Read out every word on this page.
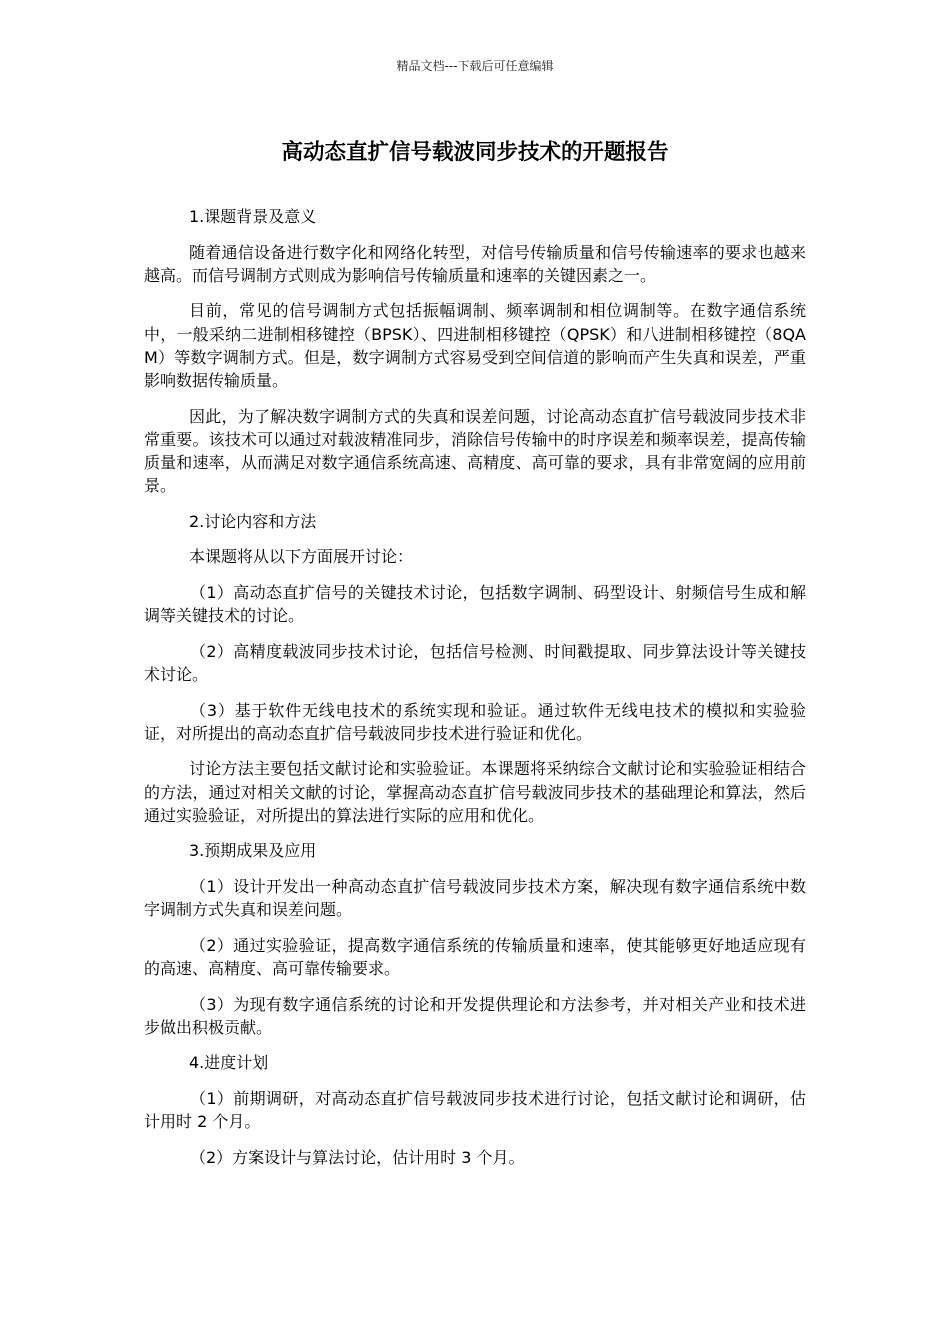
精品文档---下载后可任意编辑
高动态直扩信号载波同步技术的开题报告

1.课题背景及意义

随着通信设备进行数字化和网络化转型，对信号传输质量和信号传输速率的要求也越来越高。而信号调制方式则成为影响信号传输质量和速率的关键因素之一。

目前，常见的信号调制方式包括振幅调制、频率调制和相位调制等。在数字通信系统中，一般采纳二进制相移键控（BPSK）、四进制相移键控（QPSK）和八进制相移键控（8QAM）等数字调制方式。但是，数字调制方式容易受到空间信道的影响而产生失真和误差，严重影响数据传输质量。

因此，为了解决数字调制方式的失真和误差问题，讨论高动态直扩信号载波同步技术非常重要。该技术可以通过对载波精准同步，消除信号传输中的时序误差和频率误差，提高传输质量和速率，从而满足对数字通信系统高速、高精度、高可靠的要求，具有非常宽阔的应用前景。

2.讨论内容和方法

本课题将从以下方面展开讨论：

（1）高动态直扩信号的关键技术讨论，包括数字调制、码型设计、射频信号生成和解调等关键技术的讨论。

（2）高精度载波同步技术讨论，包括信号检测、时间戳提取、同步算法设计等关键技术讨论。

（3）基于软件无线电技术的系统实现和验证。通过软件无线电技术的模拟和实验验证，对所提出的高动态直扩信号载波同步技术进行验证和优化。

讨论方法主要包括文献讨论和实验验证。本课题将采纳综合文献讨论和实验验证相结合的方法，通过对相关文献的讨论，掌握高动态直扩信号载波同步技术的基础理论和算法，然后通过实验验证，对所提出的算法进行实际的应用和优化。

3.预期成果及应用

（1）设计开发出一种高动态直扩信号载波同步技术方案，解决现有数字通信系统中数字调制方式失真和误差问题。

（2）通过实验验证，提高数字通信系统的传输质量和速率，使其能够更好地适应现有的高速、高精度、高可靠传输要求。

（3）为现有数字通信系统的讨论和开发提供理论和方法参考，并对相关产业和技术进步做出积极贡献。

4.进度计划

（1）前期调研，对高动态直扩信号载波同步技术进行讨论，包括文献讨论和调研，估计用时 2 个月。

（2）方案设计与算法讨论，估计用时 3 个月。
